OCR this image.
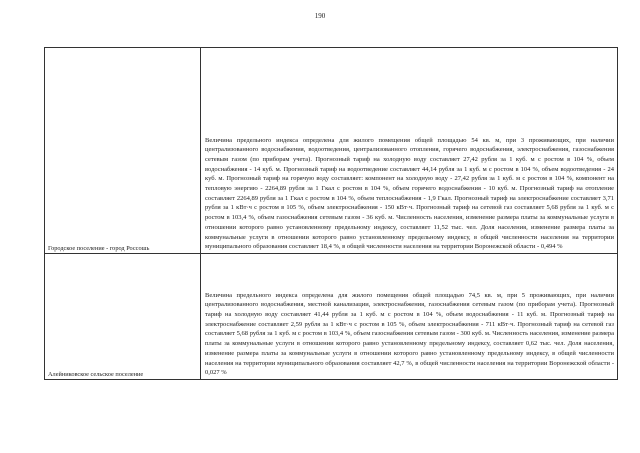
190
Городское поселение - город Россошь	Величина предельного индекса определена для жилого помещения общей площадью 54 кв. м, при 3 проживающих, при наличии централизованного водоснабжения, водоотведения, централизованного отопления, горячего водоснабжения, электроснабжения, газоснабжения сетевым газом (по приборам учета). Прогнозный тариф на холодную воду составляет 27,42 рубля за 1 куб. м с ростом в 104 %, объем водоснабжения - 14 куб. м. Прогнозный тариф на водоотведение составляет 44,14 рубля за 1 куб. м с ростом в 104 %, объем водоотведения - 24 куб. м. Прогнозный тариф на горячую воду составляет: компонент на холодную воду - 27,42 рубля за 1 куб. м с ростом в 104 %, компонент на тепловую энергию - 2264,89 рубля за 1 Гкал с ростом в 104 %, объем горячего водоснабжения - 10 куб. м. Прогнозный тариф на отопление составляет 2264,89 рубля за 1 Гкал с ростом в 104 %, объем теплоснабжения - 1,9 Гкал. Прогнозный тариф на электроснабжение составляет 3,71 рубля за 1 кВт·ч с ростом в 105 %, объем электроснабжения - 150 кВт·ч. Прогнозный тариф на сетевой газ составляет 5,68 рубля за 1 куб. м с ростом в 103,4 %, объем газоснабжения сетевым газом - 36 куб. м. Численность населения, изменение размера платы за коммунальные услуги в отношении которого равно установленному предельному индексу, составляет 11,52 тыс. чел. Доля населения, изменение размера платы за коммунальные услуги в отношении которого равно установленному предельному индексу, в общей численности населения на территории муниципального образования составляет 18,4 %, в общей численности населения на территории Воронежской области - 0,494 %
Алейниковское сельское поселение	Величина предельного индекса определена для жилого помещения общей площадью 74,5 кв. м, при 5 проживающих, при наличии централизованного водоснабжения, местной канализации, электроснабжения, газоснабжения сетевым газом (по приборам учета). Прогнозный тариф на холодную воду составляет 41,44 рубля за 1 куб. м с ростом в 104 %, объем водоснабжения - 11 куб. м. Прогнозный тариф на электроснабжение составляет 2,59 рубля за 1 кВт·ч с ростом в 105 %, объем электроснабжения - 711 кВт·ч. Прогнозный тариф на сетевой газ составляет 5,68 рубля за 1 куб. м с ростом в 103,4 %, объем газоснабжения сетевым газом - 300 куб. м. Численность населения, изменение размера платы за коммунальные услуги в отношении которого равно установленному предельному индексу, составляет 0,62 тыс. чел. Доля населения, изменение размера платы за коммунальные услуги в отношении которого равно установленному предельному индексу, в общей численности населения на территории муниципального образования составляет 42,7 %, в общей численности населения на территории Воронежской области - 0,027 %
